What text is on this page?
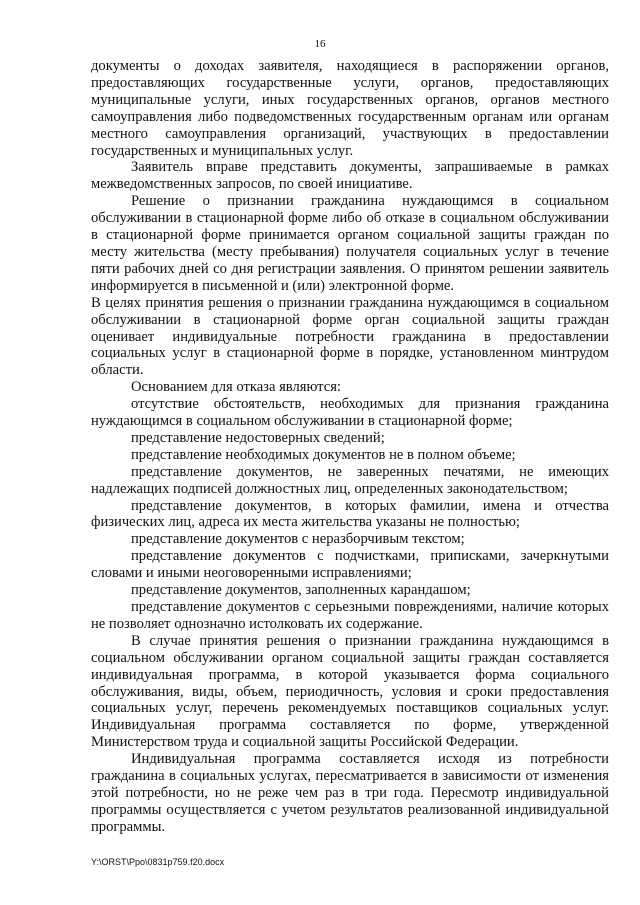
16

документы о доходах заявителя, находящиеся в распоряжении органов, предоставляющих государственные услуги, органов, предоставляющих муниципальные услуги, иных государственных органов, органов местного самоуправления либо подведомственных государственным органам или органам местного самоуправления организаций, участвующих в предоставлении государственных и муниципальных услуг.

Заявитель вправе представить документы, запрашиваемые в рамках межведомственных запросов, по своей инициативе.

Решение о признании гражданина нуждающимся в социальном обслуживании в стационарной форме либо об отказе в социальном обслуживании в стационарной форме принимается органом социальной защиты граждан по месту жительства (месту пребывания) получателя социальных услуг в течение пяти рабочих дней со дня регистрации заявления. О принятом решении заявитель информируется в письменной и (или) электронной форме.

В целях принятия решения о признании гражданина нуждающимся в социальном обслуживании в стационарной форме орган социальной защиты граждан оценивает индивидуальные потребности гражданина в предоставлении социальных услуг в стационарной форме в порядке, установленном минтрудом области.

Основанием для отказа являются:

отсутствие обстоятельств, необходимых для признания гражданина нуждающимся в социальном обслуживании в стационарной форме;

представление недостоверных сведений;

представление необходимых документов не в полном объеме;

представление документов, не заверенных печатями, не имеющих надлежащих подписей должностных лиц, определенных законодательством;

представление документов, в которых фамилии, имена и отчества физических лиц, адреса их места жительства указаны не полностью;

представление документов с неразборчивым текстом;

представление документов с подчистками, приписками, зачеркнутыми словами и иными неоговоренными исправлениями;

представление документов, заполненных карандашом;

представление документов с серьезными повреждениями, наличие которых не позволяет однозначно истолковать их содержание.

В случае принятия решения о признании гражданина нуждающимся в социальном обслуживании органом социальной защиты граждан составляется индивидуальная программа, в которой указывается форма социального обслуживания, виды, объем, периодичность, условия и сроки предоставления социальных услуг, перечень рекомендуемых поставщиков социальных услуг. Индивидуальная программа составляется по форме, утвержденной Министерством труда и социальной защиты Российской Федерации.

Индивидуальная программа составляется исходя из потребности гражданина в социальных услугах, пересматривается в зависимости от изменения этой потребности, но не реже чем раз в три года. Пересмотр индивидуальной программы осуществляется с учетом результатов реализованной индивидуальной программы.

Y:\ORST\Ppo\0831p759.f20.docx
